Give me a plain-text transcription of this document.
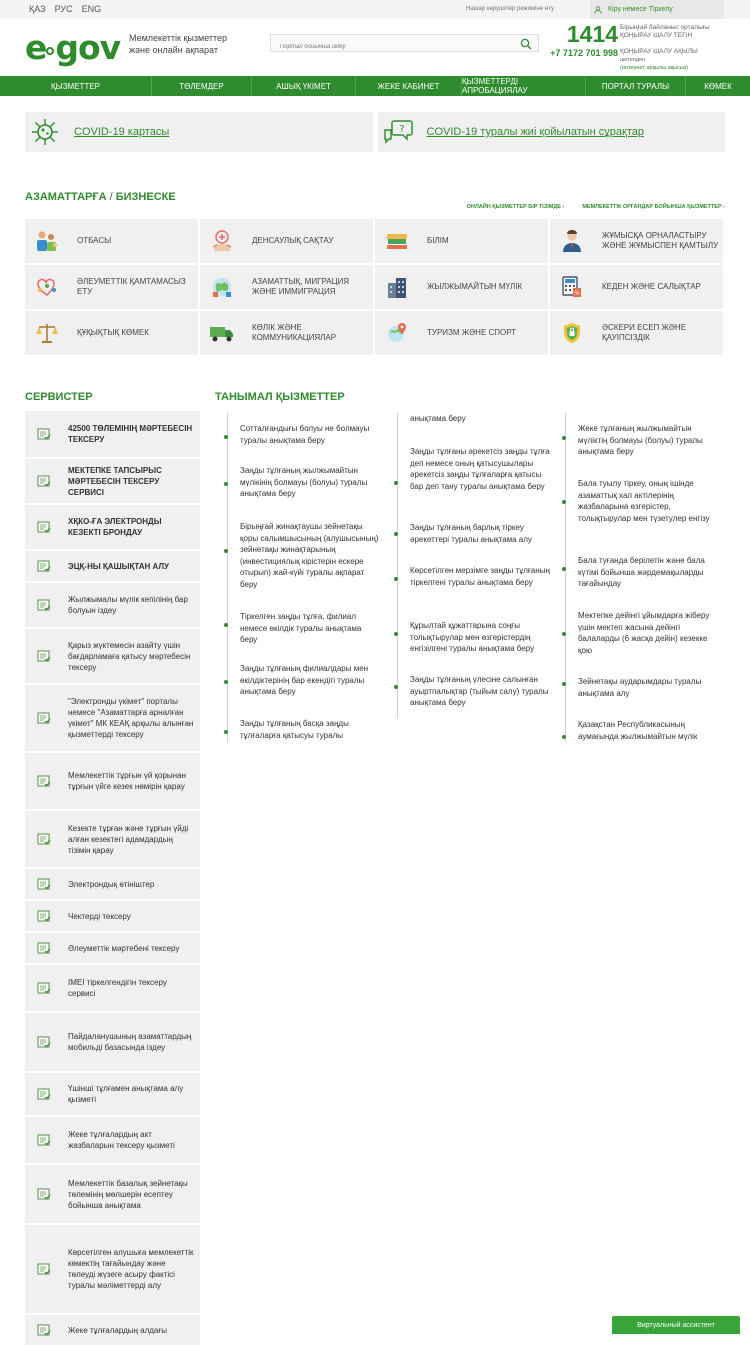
ҚАЗ РУС ENG	Нашар көрушілер режиміне өту	Кіру немесе Тіркелу
e gov Мемлекеттік қызметтер
және онлайн ақпарат
Портал бойынша іздеу
1414
+7 7172 701 998
Бірыңғай байланыс орталығы
ҚОҢЫРАУ ШАЛУ ТЕГІН
ҚОҢЫРАУ ШАЛУ АҚЫЛЫ
шетелден
(интернет арқылы ақысыз)
ҚЫЗМЕТТЕР	ТӨЛЕМДЕР	АШЫҚ ҮКІМЕТ	ЖЕКЕ КАБИНЕТ	ҚЫЗМЕТТЕРДІ АПРОБАЦИЯЛАУ	ПОРТАЛ ТУРАЛЫ	КӨМЕК
COVID-19 картасы	? COVID-19 туралы жиі қойылатын сұрақтар
АЗАМАТТАРҒА / БИЗНЕСКЕ
ОНЛАЙН ҚЫЗМЕТТЕР БІР ТІЗІМДЕ ›	МЕМЛЕКЕТТІК ОРГАНДАР БОЙЫНША ҚЫЗМЕТТЕР ›
ОТБАСЫ	ДЕНСАУЛЫҚ САҚТАУ	БІЛІМ
ЖҰМЫСҚА ОРНАЛАСТЫРУ ЖӘНЕ ЖҰМЫСПЕН ҚАМТЫЛУ
ӘЛЕУМЕТТІК ҚАМТАМАСЫЗ ЕТУ
АЗАМАТТЫҚ, МИГРАЦИЯ ЖӘНЕ ИММИГРАЦИЯ
ЖЫЛЖЫМАЙТЫН МҮЛІК
%
КЕДЕН ЖӘНЕ САЛЫҚТАР
ҚҰҚЫҚТЫҚ КӨМЕК
КӨЛІК ЖӘНЕ КОММУНИКАЦИЯЛАР
ТУРИЗМ ЖӘНЕ СПОРТ
ӘСКЕРИ ЕСЕП ЖӘНЕ ҚАУІПСІЗДІК
СЕРВИСТЕР	ТАНЫМАЛ ҚЫЗМЕТТЕР
42500 ТӨЛЕМІНІҢ МӘРТЕБЕСІН ТЕКСЕРУ
МЕКТЕПКЕ ТАПСЫРЫС МӘРТЕБЕСІН ТЕКСЕРУ СЕРВИСІ
ХҚКО-ҒА ЭЛЕКТРОНДЫ КЕЗЕКТІ БРОНДАУ
ЭЦҚ-НЫ ҚАШЫҚТАН АЛУ
Жылжымалы мүлік кепілінің бар болуын іздеу
Қарыз жүктемесін азайту үшін бағдарламаға қатысу мәртебесін тексеру
"Электронды үкімет" порталы немесе "Азаматтарға арналған үкімет" МК КЕАҚ арқылы алынған қызметтерді тексеру
Мемлекеттік тұрғын үй қорынан тұрғын үйге кезек нөмірін қарау
Кезекте тұрған және тұрғын үйді алған кезектегі адамдардың тізімін қарау
Электрондық өтініштер
Чектерді тексеру
Әлеуметтік мәртебені тексеру
IMEI тіркелгендігін тексеру сервисі
Пайдаланушының азаматтардың мобильді базасында іздеу
Үшінші тұлғамен анықтама алу қызметі
Жеке тұлғалардың акт жазбаларын тексеру қызметі
Мемлекеттік базалық зейнетақы төлемінің мөлшерін есептеу бойынша анықтама
Көрсетілген алушыға мемлекеттік көмектің тағайындау және төлеуді жүзеге асыру фактісі туралы мәліметтерді алу
Жеке тұлғалардың алдағы
Сотталғандығы болуы не болмауы туралы анықтама беру
Заңды тұлғаның жылжымайтын мүлікінің болмауы (болуы) туралы анықтама беру
Бірыңғай жинақтаушы зейнетақы қоры салымшысының (алушысының) зейнетақы жинақтарының (инвестициялық кірістерін ескере отырып) жай-күйі туралы ақпарат беру
Тіркелген заңды тұлға, филиал немесе өкілдік туралы анықтама беру
Заңды тұлғаның филиалдары мен өкілдіктерінің бар екендігі туралы анықтама беру
Заңды тұлғаның басқа заңды тұлғаларға қатысуы туралы
анықтама беру
Заңды тұлғаны әрекетсіз заңды тұлға деп немесе оның қатысушылары әрекетсіз заңды тұлғаларға қатысы бар деп тану туралы анықтама беру
Заңды тұлғаның барлық тіркеу әрекеттері туралы анықтама алу
Көрсетілген мерзімге заңды тұлғаның тіркелгені туралы анықтама беру
Құрылтай құжаттарына соңғы толықтырулар мен өзгерістердің енгізілгені туралы анықтама беру
Заңды тұлғаның үлесіне салынған ауыртпалықтар (тыйым салу) туралы анықтама беру
Жеке тұлғаның жылжымайтын мүліктің болмауы (болуы) туралы анықтама беру
Бала туылу тіркеу, оның ішінде азаматтық хал актілерінің жазбаларына өзгерістер, толықтырулар мен түзетулер енгізу
Бала туғанда берілетін және бала күтімі бойынша жәрдемақыларды тағайындау
Мектепке дейінгі ұйымдарға жіберу үшін мектеп жасына дейінгі балаларды (6 жасқа дейін) кезекке қою
Зейнетақы аударымдары туралы анықтама алу
Қазақстан Республикасының аумағында жылжымайтын мүлік
Виртуальный ассистент
